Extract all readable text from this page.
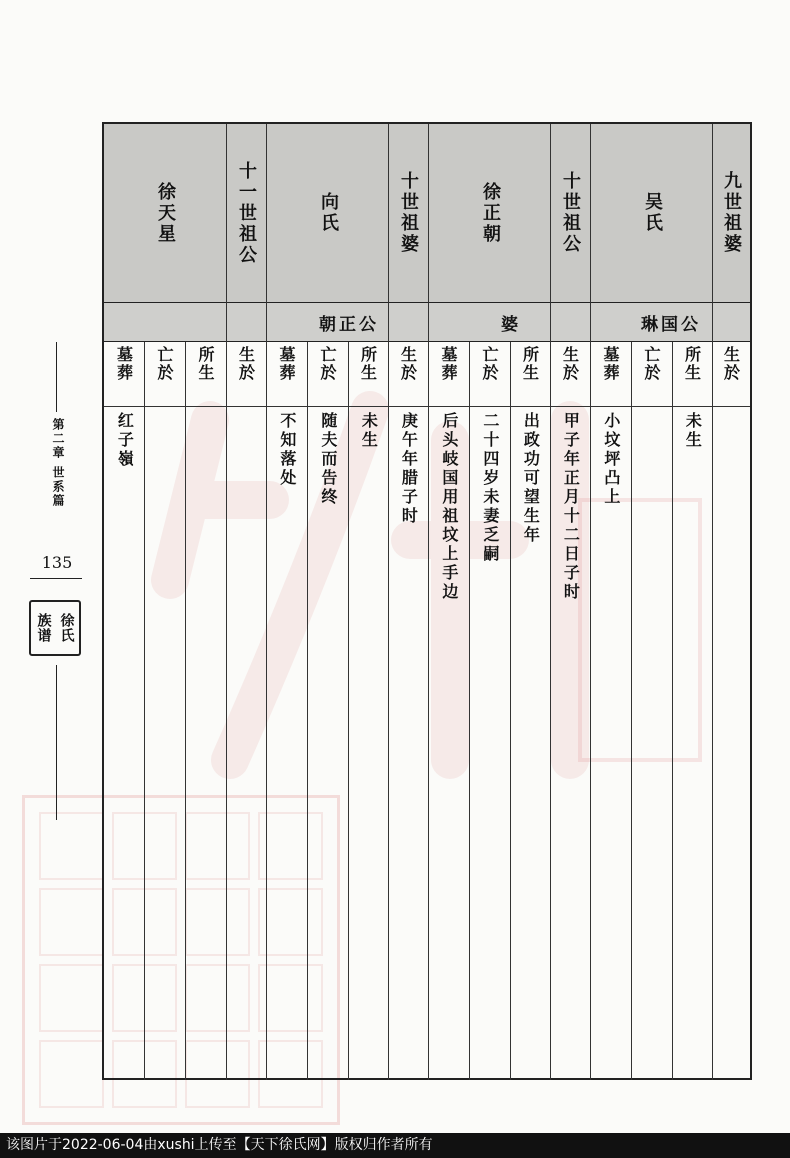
第二章 世系篇
135
徐氏
族谱
九世祖婆
吴氏
十世祖公
徐正朝
十世祖婆
向氏
十一世祖公
徐天星
琳国公
婆
朝正公
生於
所生
亡於
墓葬
未生
小坟坪凸上
生於
所生
亡於
墓葬
甲子年正月十二日子时
出政功可望生年
二十四岁未妻乏嗣
后头岐国用祖坟上手边
生於
所生
亡於
墓葬
庚午年腊子时
未生
随夫而告终
不知落处
生於
所生
亡於
墓葬
红子嶺
该图片于2022-06-04由xushi上传至【天下徐氏网】版权归作者所有
